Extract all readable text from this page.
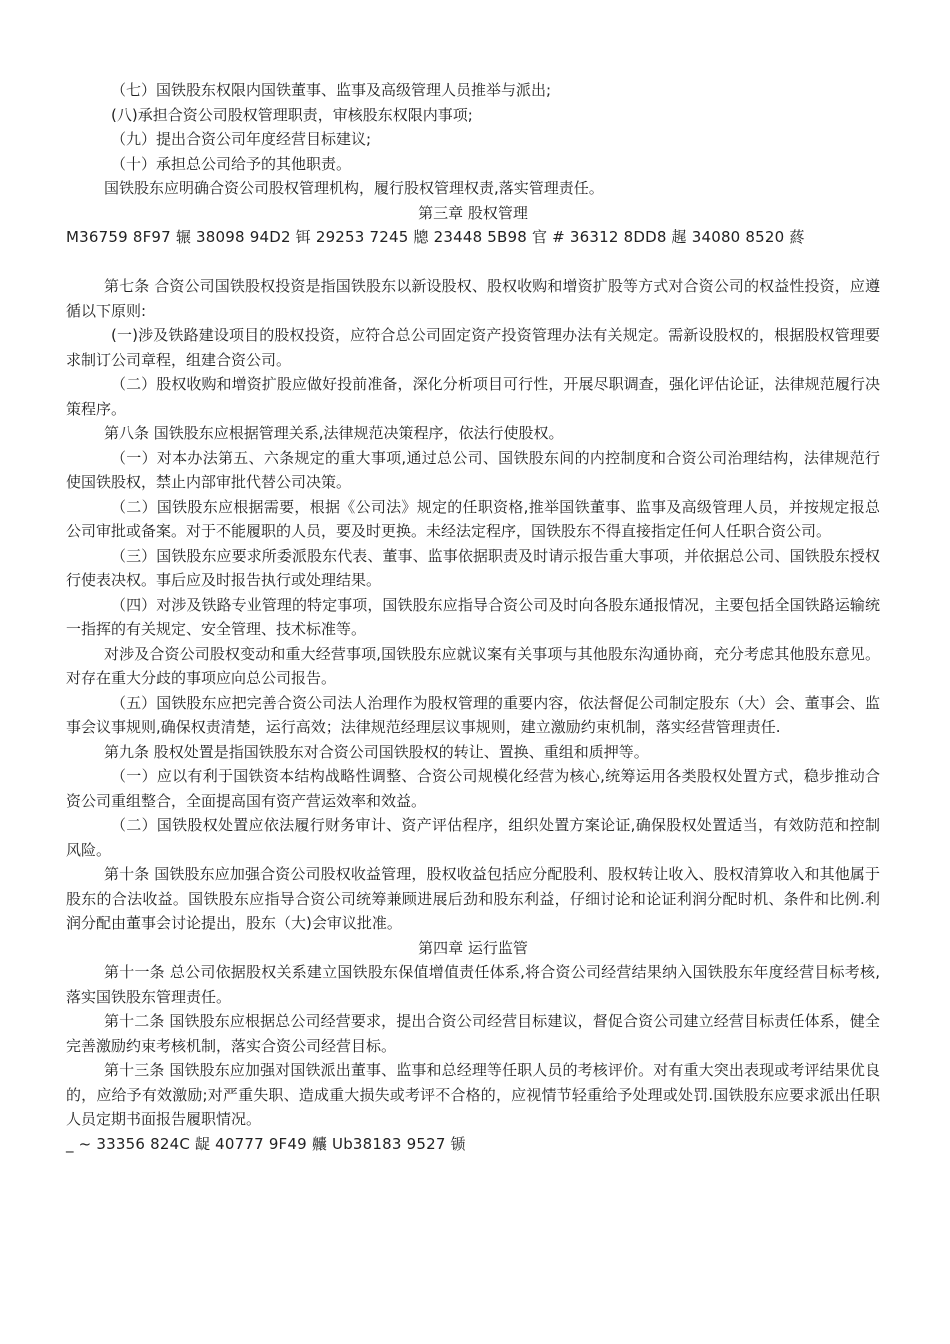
（七）国铁股东权限内国铁董事、监事及高级管理人员推举与派出;

(八)承担合资公司股权管理职责，审核股东权限内事项;

（九）提出合资公司年度经营目标建议;

（十）承担总公司给予的其他职责。

国铁股东应明确合资公司股权管理机构，履行股权管理权责,落实管理责任。

第三章 股权管理

M36759 8F97 辗 38098 94D2 铒 29253 7245 牕 23448 5B98 官 # 36312 8DD8 趘 34080 8520 蔠

第七条 合资公司国铁股权投资是指国铁股东以新设股权、股权收购和增资扩股等方式对合资公司的权益性投资，应遵循以下原则:

(一)涉及铁路建设项目的股权投资，应符合总公司固定资产投资管理办法有关规定。需新设股权的，根据股权管理要求制订公司章程，组建合资公司。

（二）股权收购和增资扩股应做好投前准备，深化分析项目可行性，开展尽职调查，强化评估论证，法律规范履行决策程序。

第八条 国铁股东应根据管理关系,法律规范决策程序，依法行使股权。

（一）对本办法第五、六条规定的重大事项,通过总公司、国铁股东间的内控制度和合资公司治理结构，法律规范行使国铁股权，禁止内部审批代替公司决策。

（二）国铁股东应根据需要，根据《公司法》规定的任职资格,推举国铁董事、监事及高级管理人员，并按规定报总公司审批或备案。对于不能履职的人员，要及时更换。未经法定程序，国铁股东不得直接指定任何人任职合资公司。

（三）国铁股东应要求所委派股东代表、董事、监事依据职责及时请示报告重大事项，并依据总公司、国铁股东授权行使表决权。事后应及时报告执行或处理结果。

（四）对涉及铁路专业管理的特定事项，国铁股东应指导合资公司及时向各股东通报情况，主要包括全国铁路运输统一指挥的有关规定、安全管理、技术标准等。

对涉及合资公司股权变动和重大经营事项,国铁股东应就议案有关事项与其他股东沟通协商，充分考虑其他股东意见。对存在重大分歧的事项应向总公司报告。

（五）国铁股东应把完善合资公司法人治理作为股权管理的重要内容，依法督促公司制定股东（大）会、董事会、监事会议事规则,确保权责清楚，运行高效；法律规范经理层议事规则，建立激励约束机制，落实经营管理责任.

第九条 股权处置是指国铁股东对合资公司国铁股权的转让、置换、重组和质押等。

（一）应以有利于国铁资本结构战略性调整、合资公司规模化经营为核心,统筹运用各类股权处置方式，稳步推动合资公司重组整合，全面提高国有资产营运效率和效益。

（二）国铁股权处置应依法履行财务审计、资产评估程序，组织处置方案论证,确保股权处置适当，有效防范和控制风险。

第十条 国铁股东应加强合资公司股权收益管理，股权收益包括应分配股利、股权转让收入、股权清算收入和其他属于股东的合法收益。国铁股东应指导合资公司统筹兼顾进展后劲和股东利益，仔细讨论和论证利润分配时机、条件和比例.利润分配由董事会讨论提出，股东（大)会审议批准。

第四章 运行监管

第十一条 总公司依据股权关系建立国铁股东保值增值责任体系,将合资公司经营结果纳入国铁股东年度经营目标考核,落实国铁股东管理责任。

第十二条 国铁股东应根据总公司经营要求，提出合资公司经营目标建议，督促合资公司建立经营目标责任体系，健全完善激励约束考核机制，落实合资公司经营目标。

第十三条 国铁股东应加强对国铁派出董事、监事和总经理等任职人员的考核评价。对有重大突出表现或考评结果优良的，应给予有效激励;对严重失职、造成重大损失或考评不合格的，应视情节轻重给予处理或处罚.国铁股东应要求派出任职人员定期书面报告履职情况。

_ ~ 33356 824C 龊 40777 9F49 齉 Ub38183 9527 锧
